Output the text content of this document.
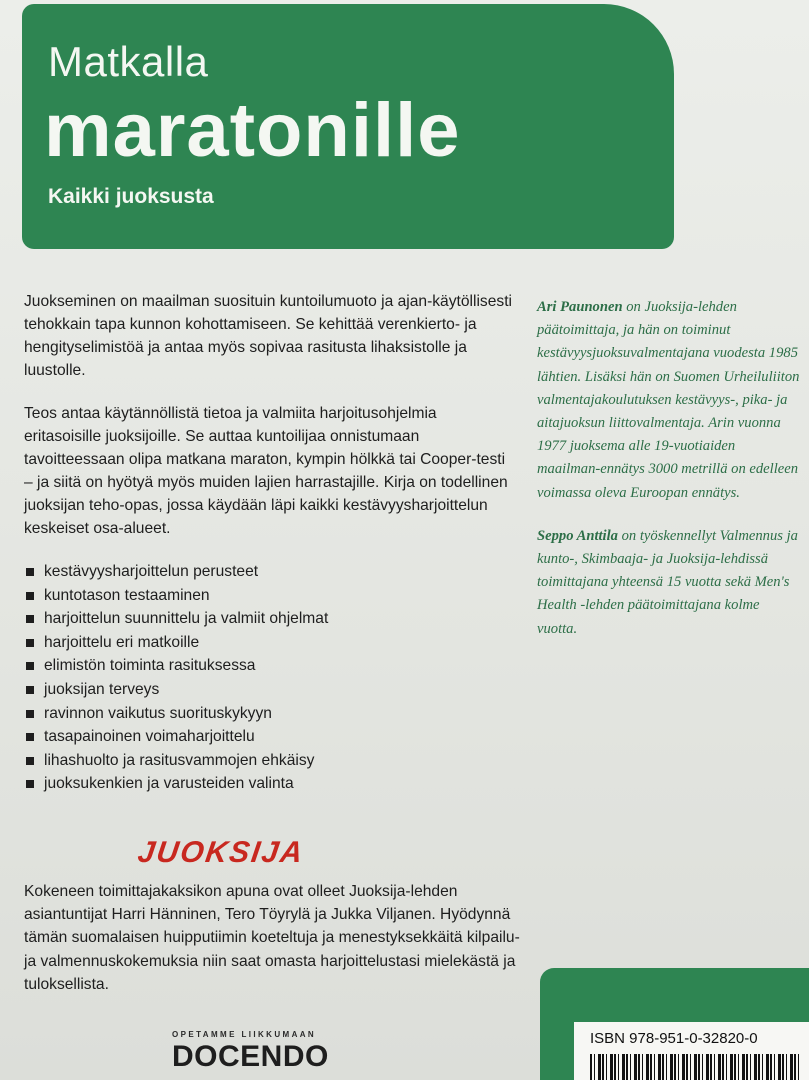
Matkalla
maratonille
Kaikki juoksusta

Juokseminen on maailman suosituin kuntoilumuoto ja ajan-käytöllisesti tehokkain tapa kunnon kohottamiseen. Se kehittää verenkierto- ja hengityselimistöä ja antaa myös sopivaa rasitusta lihaksistolle ja luustolle.

Teos antaa käytännöllistä tietoa ja valmiita harjoitusohjelmia eritasoisille juoksijoille. Se auttaa kuntoilijaa onnistumaan tavoitteessaan olipa matkana maraton, kympin hölkkä tai Cooper-testi – ja siitä on hyötyä myös muiden lajien harrastajille. Kirja on todellinen juoksijan teho-opas, jossa käydään läpi kaikki kestävyysharjoittelun keskeiset osa-alueet.

kestävyysharjoittelun perusteet
kuntotason testaaminen
harjoittelun suunnittelu ja valmiit ohjelmat
harjoittelu eri matkoille
elimistön toiminta rasituksessa
juoksijan terveys
ravinnon vaikutus suorituskykyyn
tasapainoinen voimaharjoittelu
lihashuolto ja rasitusvammojen ehkäisy
juoksukenkien ja varusteiden valinta

Ari Paunonen on Juoksija-lehden päätoimittaja, ja hän on toiminut kestävyysjuoksuvalmentajana vuodesta 1985 lähtien. Lisäksi hän on Suomen Urheiluliiton valmentajakoulutuksen kestävyys-, pika- ja aitajuoksun liittovalmentaja. Arin vuonna 1977 juoksema alle 19-vuotiaiden maailman-ennätys 3000 metrillä on edelleen voimassa oleva Euroopan ennätys.

Seppo Anttila on työskennellyt Valmennus ja kunto-, Skimbaaja- ja Juoksija-lehdissä toimittajana yhteensä 15 vuotta sekä Men's Health -lehden päätoimittajana kolme vuotta.

JUOKSIJA

Kokeneen toimittajakaksikon apuna ovat olleet Juoksija-lehden asiantuntijat Harri Hänninen, Tero Töyrylä ja Jukka Viljanen. Hyödynnä tämän suomalaisen huipputiimin koeteltuja ja menestyksekkäitä kilpailu- ja valmennuskokemuksia niin saat omasta harjoittelustasi mielekästä ja tuloksellista.

OPETAMME LIIKKUMAAN
DOCENDO

ISBN 978-951-0-32820-0
